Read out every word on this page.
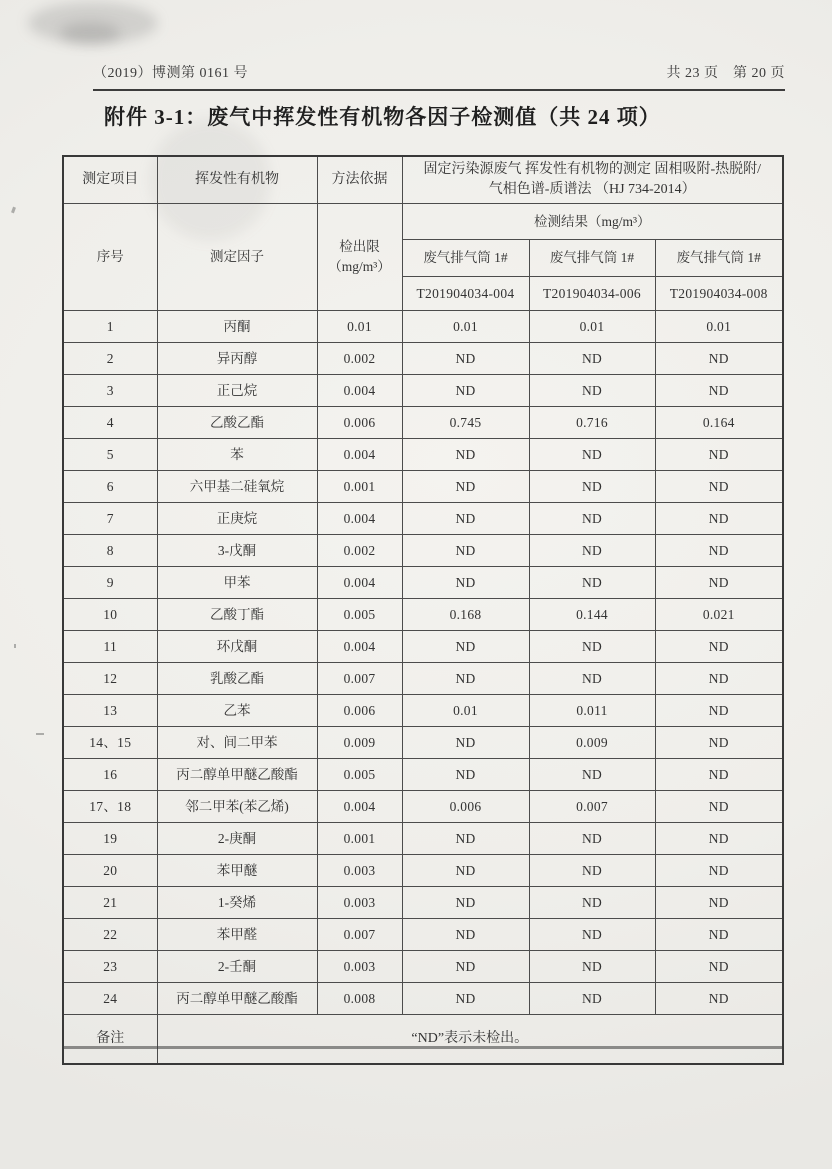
（2019）博测第 0161 号	共 23 页　第 20 页
附件 3-1：废气中挥发性有机物各因子检测值（共 24 项）
测定项目	挥发性有机物	方法依据	固定污染源废气 挥发性有机物的测定 固相吸附-热脱附/
气相色谱-质谱法 （HJ 734-2014）		
序号	测定因子	检出限（mg/m³）	检测结果（mg/m³）		
			废气排气筒 1#	废气排气筒 1#	废气排气筒 1#
			T201904034-004	T201904034-006	T201904034-008
1	丙酮	0.01	0.01	0.01	0.01
2	异丙醇	0.002	ND	ND	ND
3	正己烷	0.004	ND	ND	ND
4	乙酸乙酯	0.006	0.745	0.716	0.164
5	苯	0.004	ND	ND	ND
6	六甲基二硅氧烷	0.001	ND	ND	ND
7	正庚烷	0.004	ND	ND	ND
8	3-戊酮	0.002	ND	ND	ND
9	甲苯	0.004	ND	ND	ND
10	乙酸丁酯	0.005	0.168	0.144	0.021
11	环戊酮	0.004	ND	ND	ND
12	乳酸乙酯	0.007	ND	ND	ND
13	乙苯	0.006	0.01	0.011	ND
14、15	对、间二甲苯	0.009	ND	0.009	ND
16	丙二醇单甲醚乙酸酯	0.005	ND	ND	ND
17、18	邻二甲苯(苯乙烯)	0.004	0.006	0.007	ND
19	2-庚酮	0.001	ND	ND	ND
20	苯甲醚	0.003	ND	ND	ND
21	1-癸烯	0.003	ND	ND	ND
22	苯甲醛	0.007	ND	ND	ND
23	2-壬酮	0.003	ND	ND	ND
24	丙二醇单甲醚乙酸酯	0.008	ND	ND	ND
备注	“ND”表示未检出。				
